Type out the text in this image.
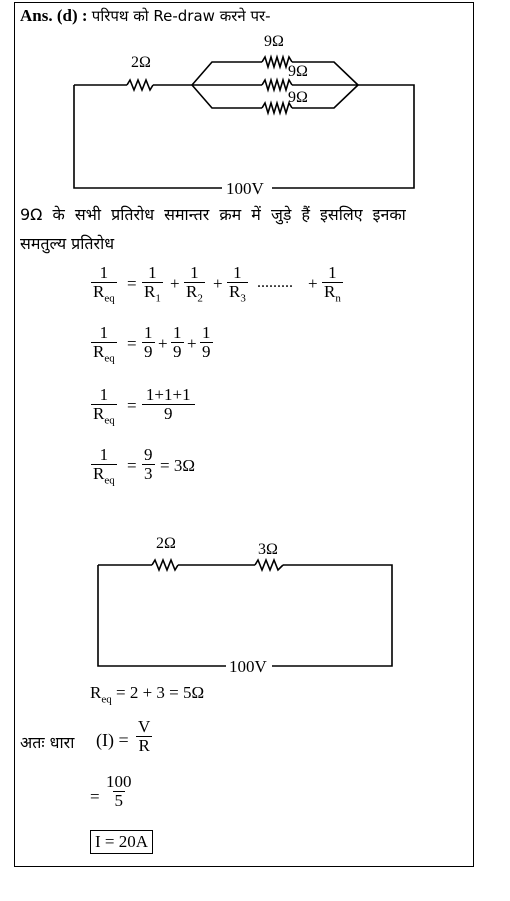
Ans. (d) : परिपथ को Re-draw करने पर-
2Ω
9Ω
9Ω
9Ω
100V
9Ω के सभी प्रतिरोध समान्तर क्रम में जुड़े हैं इसलिए इनका
समतुल्य प्रतिरोध
1
$R_{eq}$
= $\frac{1}{R_1} + \frac{1}{R_2} + \frac{1}{R_3}$ ......... + $\frac{1}{R_n}$
1
$R_{eq}$
= $\frac{1}{9} + \frac{1}{9} + \frac{1}{9}$
1
$R_{eq}$
= $\frac{1+1+1}{9}$
1
$R_{eq}$
= $\frac{9}{3} = 3\Omega$
2Ω	3Ω
100V
$R_{eq} = 2 + 3 = 5\Omega$
अतः धारा $(I) = \frac{V}{R}$
= $\frac{100}{5}$
I = 20A
